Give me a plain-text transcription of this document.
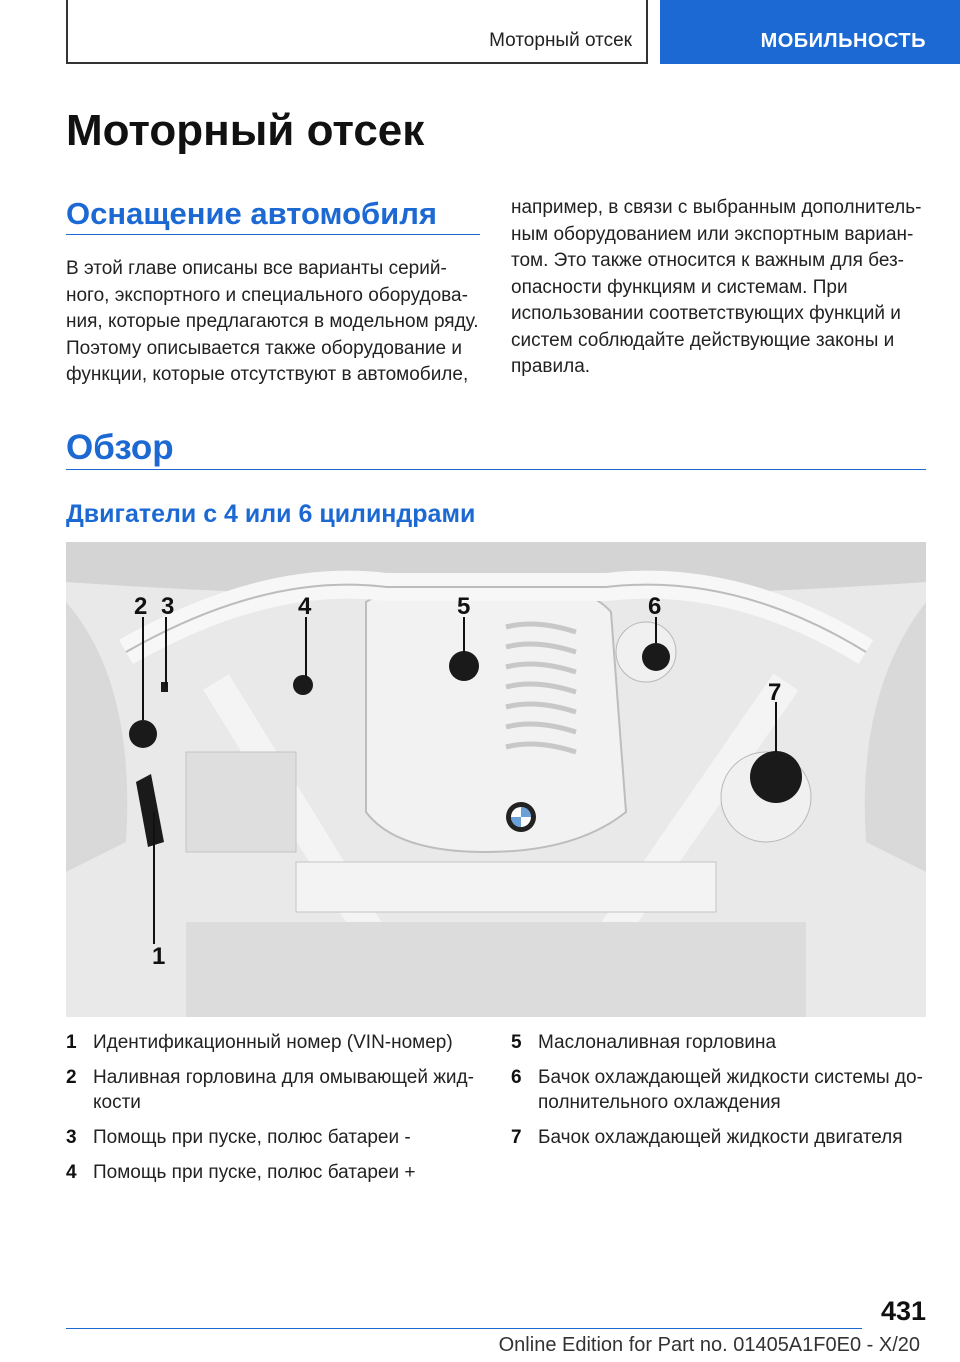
Моторный отсек	МОБИЛЬНОСТЬ
Моторный отсек
Оснащение автомобиля

В этой главе описаны все варианты серий-
ного, экспортного и специального оборудова-
ния, которые предлагаются в модельном ряду.
Поэтому описывается также оборудование и
функции, которые отсутствуют в автомобиле,

например, в связи с выбранным дополнитель-
ным оборудованием или экспортным вариан-
том. Это также относится к важным для без-
опасности функциям и системам. При
использовании соответствующих функций и
систем соблюдайте действующие законы и
правила.

Обзор
Двигатели с 4 или 6 цилиндрами
1
2 3	4	5	6
7
1 Идентификационный номер (VIN-номер)
2 Наливная горловина для омывающей жид-кости
3 Помощь при пуске, полюс батареи -
4 Помощь при пуске, полюс батареи +
5 Маслоналивная горловина
6 Бачок охлаждающей жидкости системы до-полнительного охлаждения
7 Бачок охлаждающей жидкости двигателя
431
Online Edition for Part no. 01405A1F0E0 - X/20
